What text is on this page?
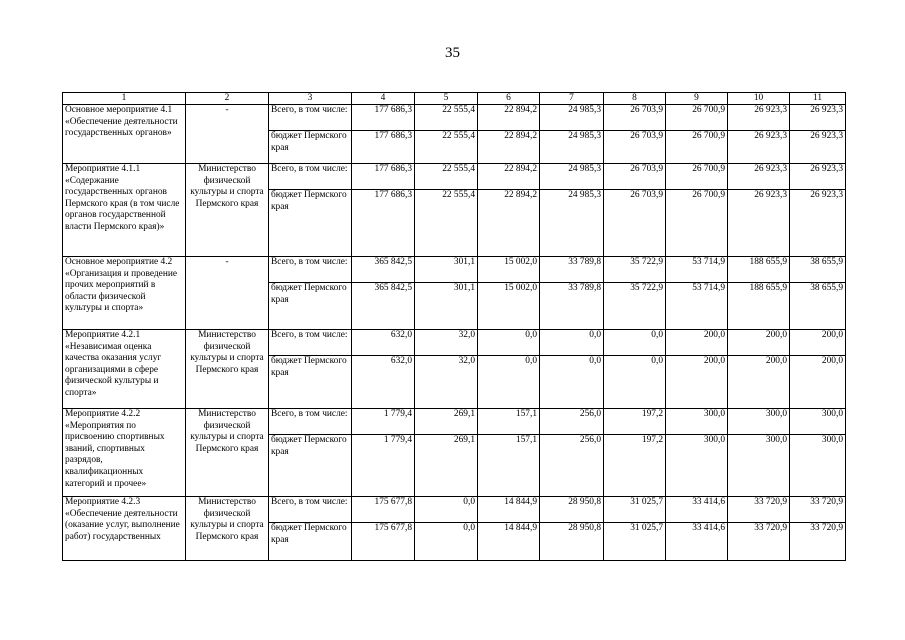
35
1	2	3	4	5	6	7	8	9	10	11
Основное мероприятие 4.1 «Обеспечение деятельности государственных органов»	-	Всего, в том числе:	177 686,3	22 555,4	22 894,2	24 985,3	26 703,9	26 700,9	26 923,3	26 923,3
		бюджет Пермского края	177 686,3	22 555,4	22 894,2	24 985,3	26 703,9	26 700,9	26 923,3	26 923,3
Мероприятие 4.1.1 «Содержание государственных органов Пермского края (в том числе органов государственной власти Пермского края)»	Министерство физической культуры и спорта Пермского края	Всего, в том числе:	177 686,3	22 555,4	22 894,2	24 985,3	26 703,9	26 700,9	26 923,3	26 923,3
		бюджет Пермского края	177 686,3	22 555,4	22 894,2	24 985,3	26 703,9	26 700,9	26 923,3	26 923,3
Основное мероприятие 4.2 «Организация и проведение прочих мероприятий в области физической культуры и спорта»	-	Всего, в том числе:	365 842,5	301,1	15 002,0	33 789,8	35 722,9	53 714,9	188 655,9	38 655,9
		бюджет Пермского края	365 842,5	301,1	15 002,0	33 789,8	35 722,9	53 714,9	188 655,9	38 655,9
Мероприятие 4.2.1 «Независимая оценка качества оказания услуг организациями в сфере физической культуры и спорта»	Министерство физической культуры и спорта Пермского края	Всего, в том числе:	632,0	32,0	0,0	0,0	0,0	200,0	200,0	200,0
		бюджет Пермского края	632,0	32,0	0,0	0,0	0,0	200,0	200,0	200,0
Мероприятие 4.2.2 «Мероприятия по присвоению спортивных званий, спортивных разрядов, квалификационных категорий и прочее»	Министерство физической культуры и спорта Пермского края	Всего, в том числе:	1 779,4	269,1	157,1	256,0	197,2	300,0	300,0	300,0
		бюджет Пермского края	1 779,4	269,1	157,1	256,0	197,2	300,0	300,0	300,0
Мероприятие 4.2.3 «Обеспечение деятельности (оказание услуг, выполнение работ) государственных	Министерство физической культуры и спорта Пермского края	Всего, в том числе:	175 677,8	0,0	14 844,9	28 950,8	31 025,7	33 414,6	33 720,9	33 720,9
		бюджет Пермского края	175 677,8	0,0	14 844,9	28 950,8	31 025,7	33 414,6	33 720,9	33 720,9
